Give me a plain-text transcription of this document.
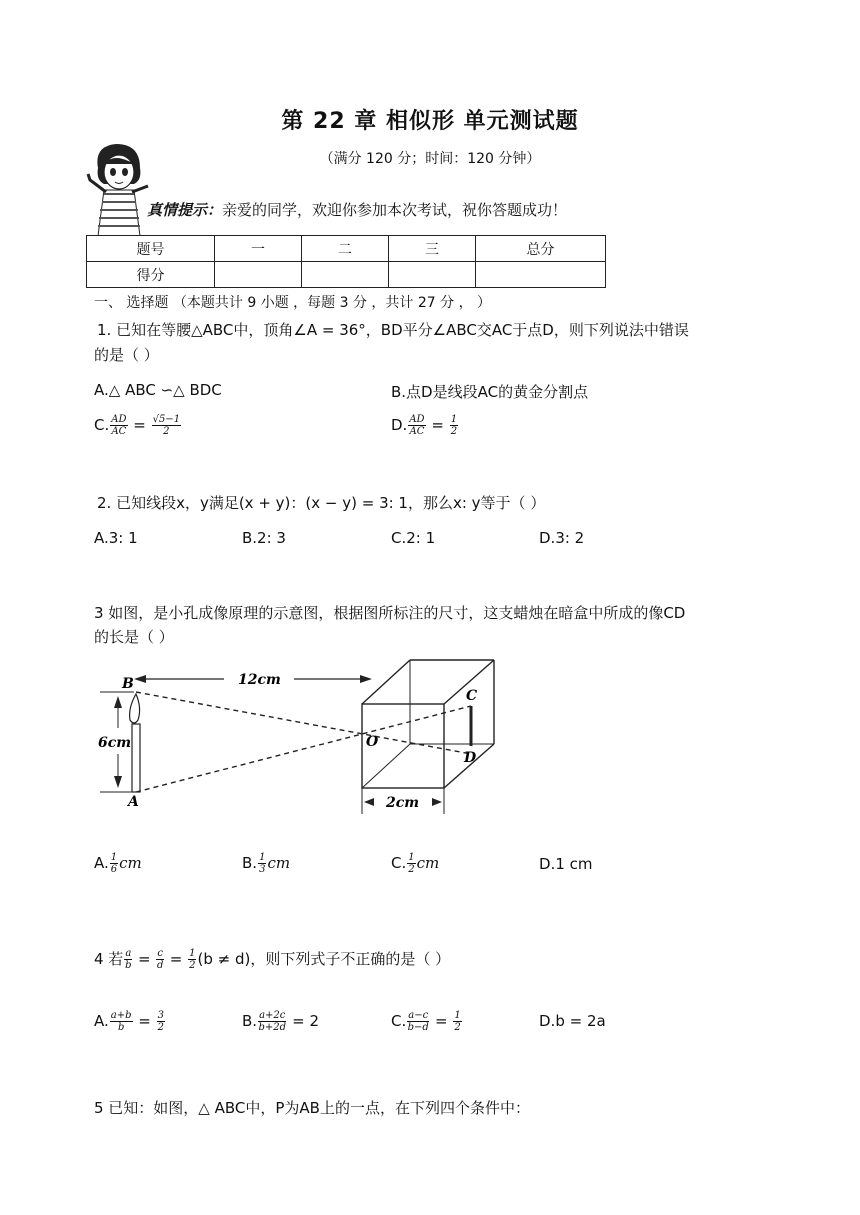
第 22 章 相似形 单元测试题
（满分 120 分；时间：120 分钟）
真情提示：亲爱的同学，欢迎你参加本次考试，祝你答题成功！
题号	一	二	三	总分
得分				
一、 选择题 （本题共计 9 小题 ，每题 3 分 ，共计 27 分 ， ）
1. 已知在等腰△ABC中，顶角∠A = 36°，BD平分∠ABC交AC于点D，则下列说法中错误
的是（ ）
A.△ ABC ∽△ BDC	B.点D是线段AC的黄金分割点
C. $\frac{AD}{AC} = \frac{√5-1}{2}$	D. $\frac{AD}{AC} = \frac{1}{2}$
2. 已知线段x，y满足(x + y)：(x − y) = 3: 1，那么x: y等于（ ）
A.3: 1	B.2: 3	C.2: 1	D.3: 2
3 如图，是小孔成像原理的示意图，根据图所标注的尺寸，这支蜡烛在暗盒中所成的像CD
的长是（ ）
12cm
6cm
B
A
C
D
O
2cm
A. $\frac{1}{6}$ cm	B. $\frac{1}{3}$ cm	C. $\frac{1}{2}$ cm	D.1 cm
4 若 $\frac{a}{b} = \frac{c}{d} = \frac{1}{2} (b \ne d)$，则下列式子不正确的是（ ）
A. $\frac{a+b}{b} = \frac{3}{2}$	B. $\frac{a+2c}{b+2d} = 2$	C. $\frac{a-c}{b-d} = \frac{1}{2}$	D.b = 2a
5 已知：如图，△ ABC中，P为AB上的一点，在下列四个条件中：
